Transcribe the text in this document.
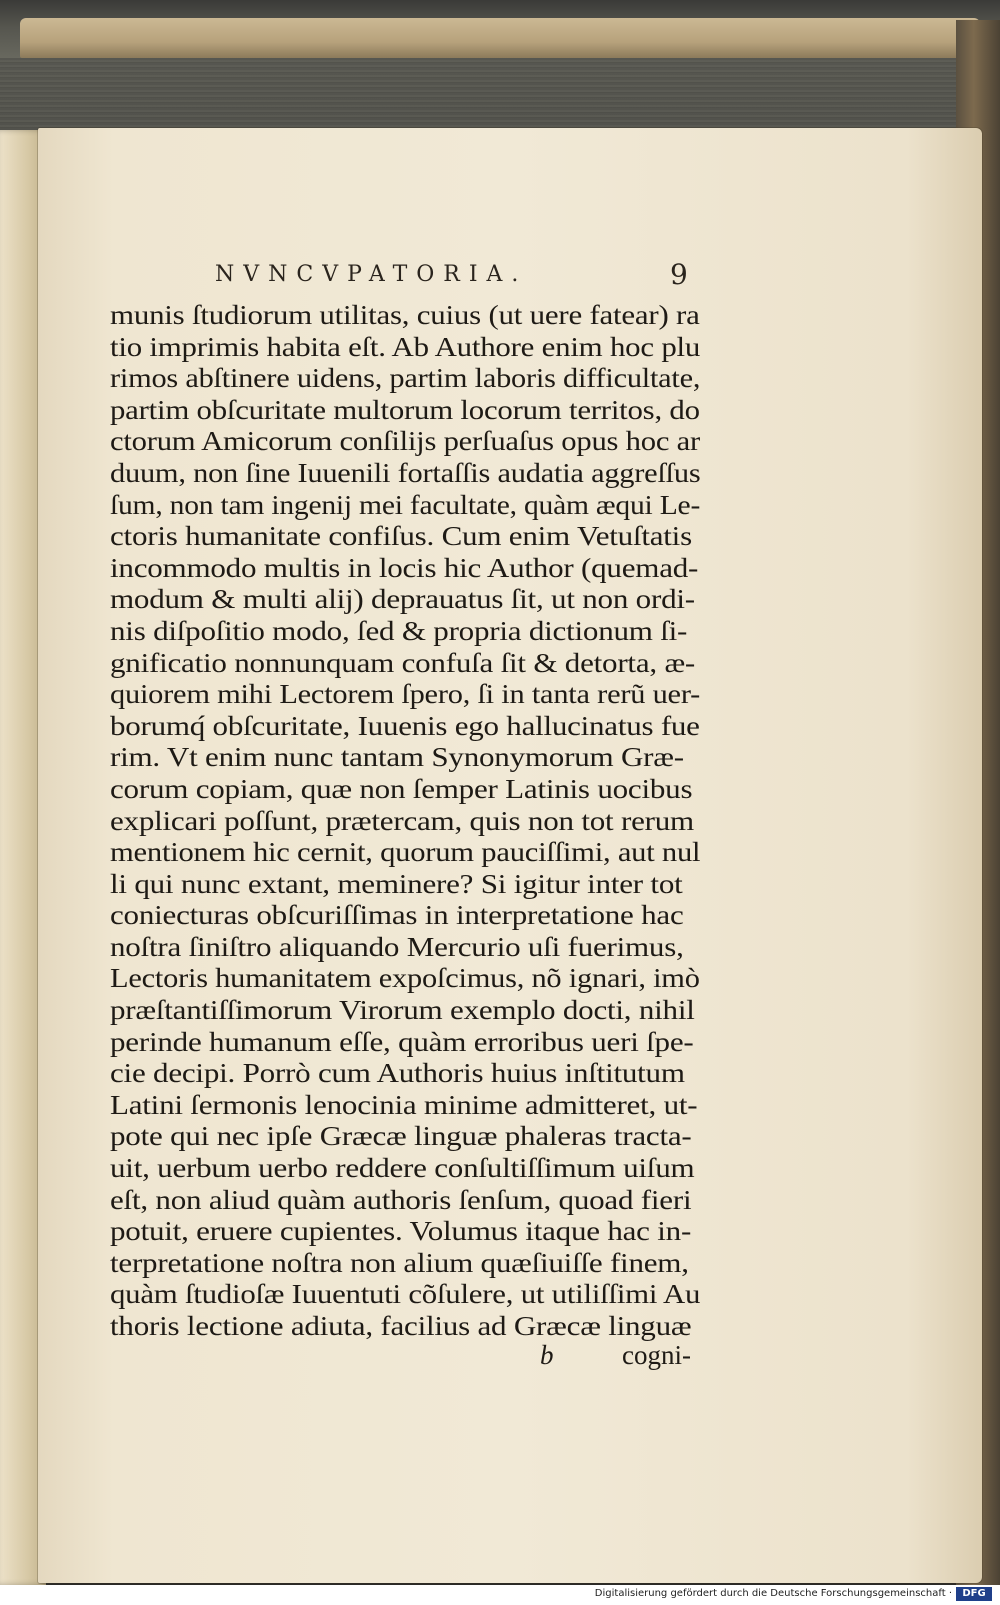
NVNCVPATORIA.	9
munis ſtudiorum utilitas, cuius (ut uere fatear) ra
tio imprimis habita eſt. Ab Authore enim hoc plu
rimos abſtinere uidens, partim laboris difficultate,
partim obſcuritate multorum locorum territos, do
ctorum Amicorum conſilijs perſuaſus opus hoc ar
duum, non ſine Iuuenili fortaſſis audatia aggreſſus
ſum, non tam ingenij mei facultate, quàm æqui Le-
ctoris humanitate confiſus. Cum enim Vetuſtatis
incommodo multis in locis hic Author (quemad-
modum & multi alij) deprauatus ſit, ut non ordi-
nis diſpoſitio modo, ſed & propria dictionum ſi-
gnificatio nonnunquam confuſa ſit & detorta, æ-
quiorem mihi Lectorem ſpero, ſi in tanta rerũ uer-
borumq́ obſcuritate, Iuuenis ego hallucinatus fue
rim. Vt enim nunc tantam Synonymorum Græ-
corum copiam, quæ non ſemper Latinis uocibus
explicari poſſunt, prætercam, quis non tot rerum
mentionem hic cernit, quorum pauciſſimi, aut nul
li qui nunc extant, meminere? Si igitur inter tot
coniecturas obſcuriſſimas in interpretatione hac
noſtra ſiniſtro aliquando Mercurio uſi fuerimus,
Lectoris humanitatem expoſcimus, nõ ignari, imò
præſtantiſſimorum Virorum exemplo docti, nihil
perinde humanum eſſe, quàm erroribus ueri ſpe-
cie decipi. Porrò cum Authoris huius inſtitutum
Latini ſermonis lenocinia minime admitteret, ut-
pote qui nec ipſe Græcæ linguæ phaleras tracta-
uit, uerbum uerbo reddere conſultiſſimum uiſum
eſt, non aliud quàm authoris ſenſum, quoad fieri
potuit, eruere cupientes. Volumus itaque hac in-
terpretatione noſtra non alium quæſiuiſſe finem,
quàm ſtudioſæ Iuuentuti cõſulere, ut utiliſſimi Au
thoris lectione adiuta, facilius ad Græcæ linguæ
b	cogni-
Digitalisierung gefördert durch die Deutsche Forschungsgemeinschaft ·	DFG
